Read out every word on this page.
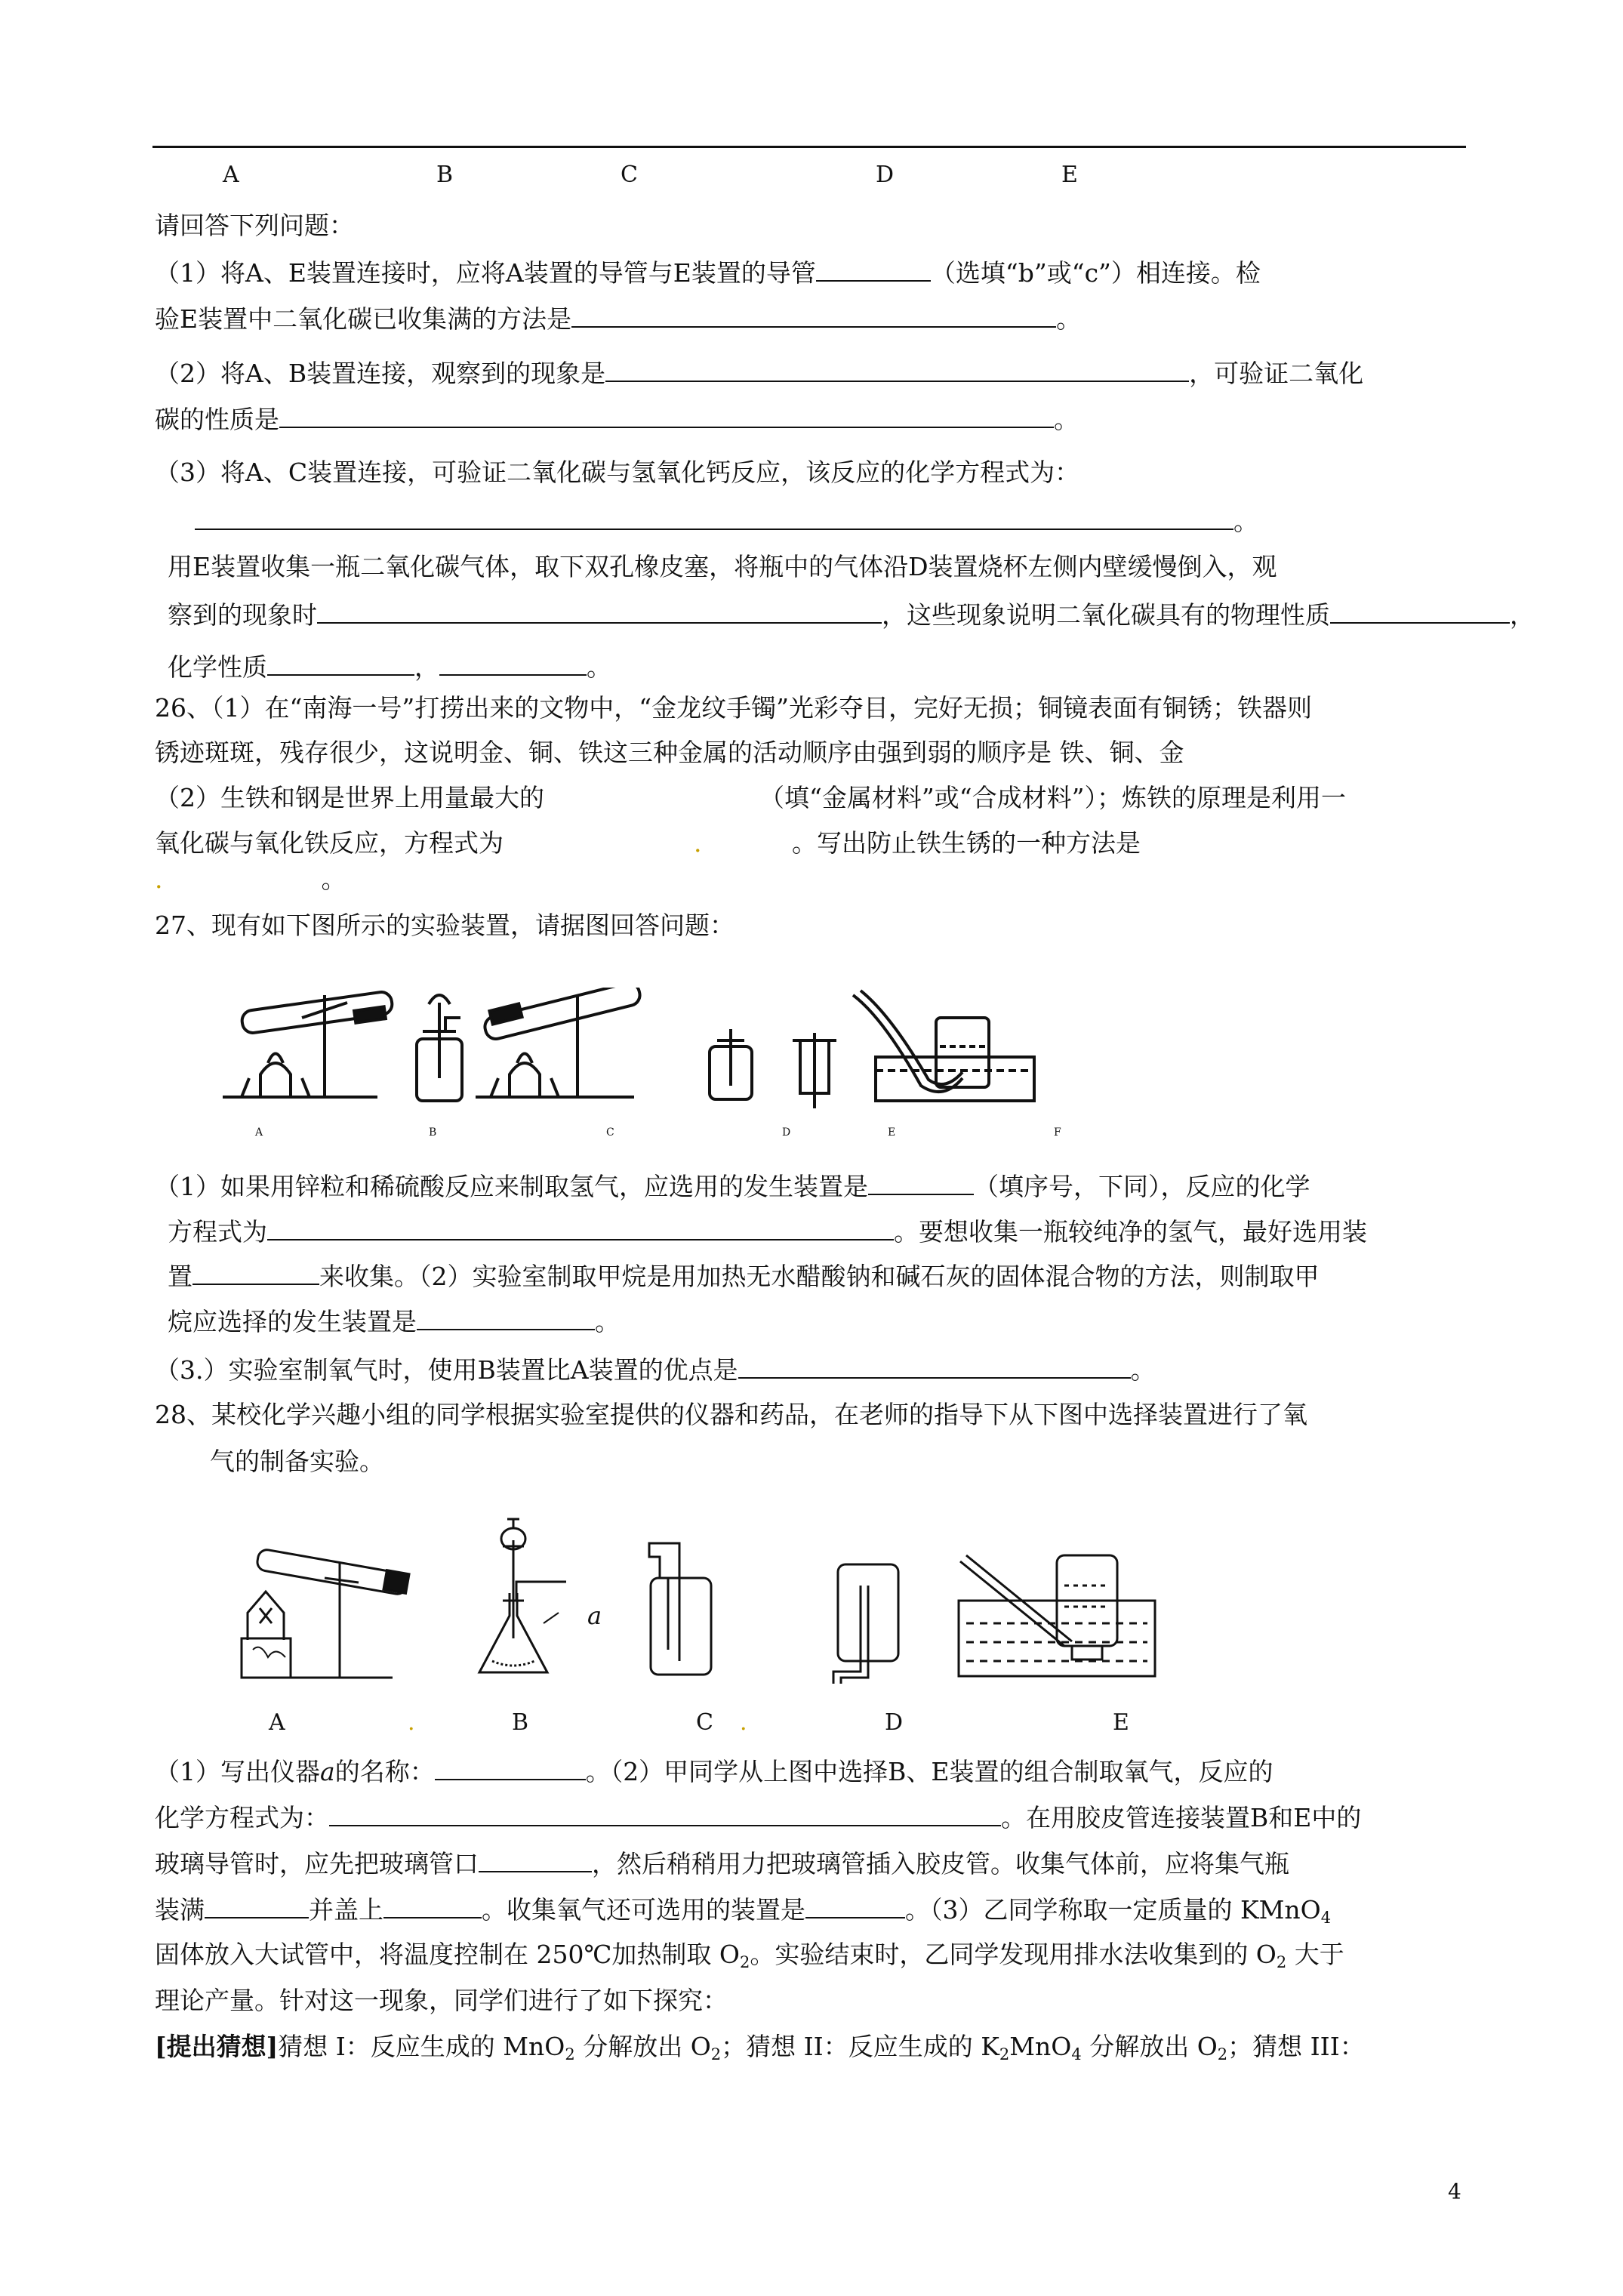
A	B	C	D	E
请回答下列问题：
（1）将A、E装置连接时，应将A装置的导管与E装置的导管	（选填“b”或“c”）相连接。检
验E装置中二氧化碳已收集满的方法是	。
（2）将A、B装置连接，观察到的现象是	，可验证二氧化
碳的性质是	。
（3）将A、C装置连接，可验证二氧化碳与氢氧化钙反应，该反应的化学方程式为：
。
用E装置收集一瓶二氧化碳气体，取下双孔橡皮塞，将瓶中的气体沿D装置烧杯左侧内壁缓慢倒入，观
察到的现象时	，这些现象说明二氧化碳具有的物理性质	，
化学性质	，	。
26、（1）在“南海一号”打捞出来的文物中，“金龙纹手镯”光彩夺目，完好无损；铜镜表面有铜锈；铁器则
锈迹斑斑，残存很少，这说明金、铜、铁这三种金属的活动顺序由强到弱的顺序是 铁、铜、金
（2）生铁和钢是世界上用量最大的	（填“金属材料”或“合成材料”）；炼铁的原理是利用一
氧化碳与氧化铁反应，方程式为	.	。写出防止铁生锈的一种方法是
.	。
27、现有如下图所示的实验装置，请据图回答问题：
A	B	C	D	E	F
（1）如果用锌粒和稀硫酸反应来制取氢气，应选用的发生装置是	（填序号，下同），反应的化学
方程式为	。要想收集一瓶较纯净的氢气，最好选用装
置	来收集。（2）实验室制取甲烷是用加热无水醋酸钠和碱石灰的固体混合物的方法，则制取甲
烷应选择的发生装置是	。
（3.）实验室制氧气时，使用B装置比A装置的优点是	。
28、某校化学兴趣小组的同学根据实验室提供的仪器和药品，在老师的指导下从下图中选择装置进行了氧
气的制备实验。
a
A	.	B	C .	D	E
（1）写出仪器a的名称：	。（2）甲同学从上图中选择B、E装置的组合制取氧气，反应的
化学方程式为：	。在用胶皮管连接装置B和E中的
玻璃导管时，应先把玻璃管口	，然后稍稍用力把玻璃管插入胶皮管。收集气体前，应将集气瓶
装满	并盖上	。收集氧气还可选用的装置是	。（3）乙同学称取一定质量的 KMnO$_4$
固体放入大试管中，将温度控制在 250℃加热制取 $O_2$。实验结束时，乙同学发现用排水法收集到的 $O_2$ 大于
理论产量。针对这一现象，同学们进行了如下探究：
[提出猜想]猜想 I：反应生成的 MnO$_2$ 分解放出 $O_2$；猜想 II：反应生成的 $K_2MnO_4$ 分解放出 $O_2$；猜想 III：
4
